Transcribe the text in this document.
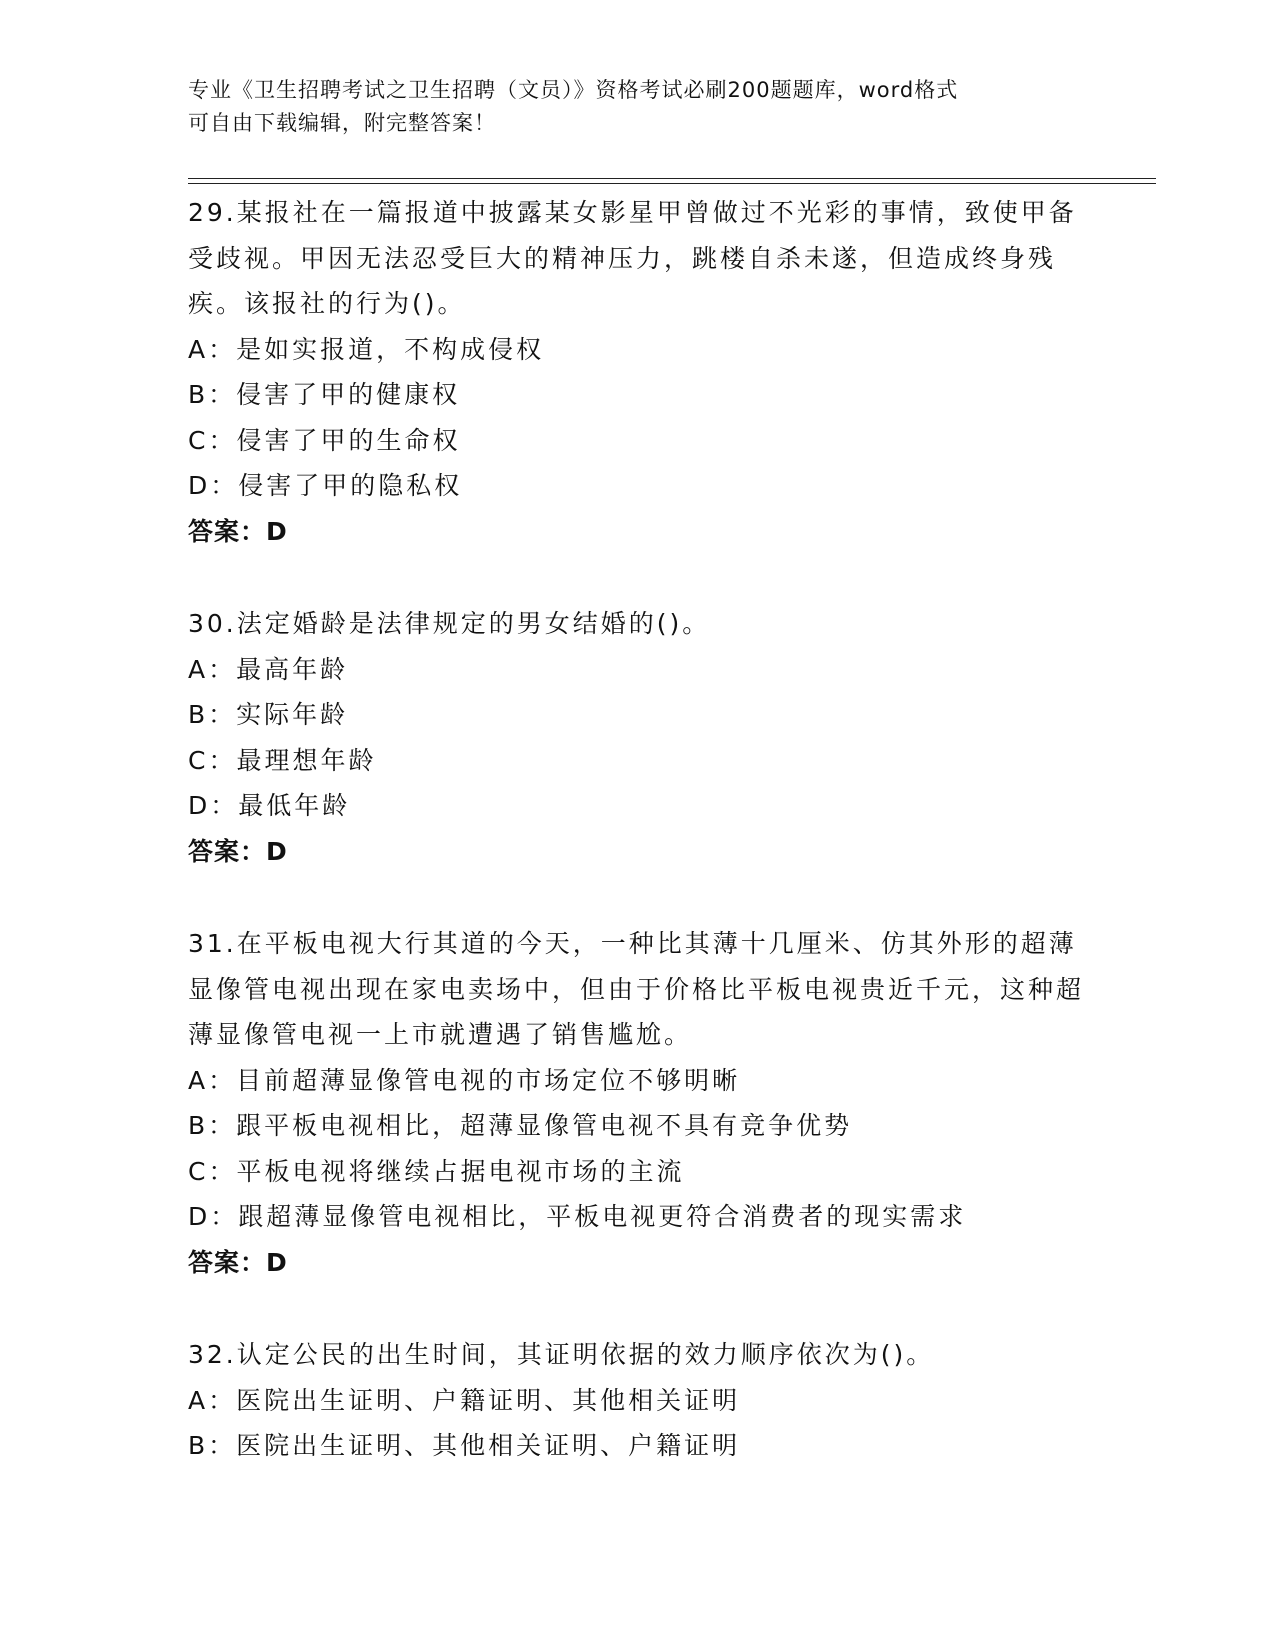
专业《卫生招聘考试之卫生招聘（文员）》资格考试必刷200题题库，word格式
可自由下载编辑，附完整答案！
29.某报社在一篇报道中披露某女影星甲曾做过不光彩的事情，致使甲备受歧视。甲因无法忍受巨大的精神压力，跳楼自杀未遂，但造成终身残疾。该报社的行为()。
A：是如实报道，不构成侵权
B：侵害了甲的健康权
C：侵害了甲的生命权
D：侵害了甲的隐私权
答案：D
30.法定婚龄是法律规定的男女结婚的()。
A：最高年龄
B：实际年龄
C：最理想年龄
D：最低年龄
答案：D
31.在平板电视大行其道的今天，一种比其薄十几厘米、仿其外形的超薄显像管电视出现在家电卖场中，但由于价格比平板电视贵近千元，这种超薄显像管电视一上市就遭遇了销售尴尬。
A：目前超薄显像管电视的市场定位不够明晰
B：跟平板电视相比，超薄显像管电视不具有竞争优势
C：平板电视将继续占据电视市场的主流
D：跟超薄显像管电视相比，平板电视更符合消费者的现实需求
答案：D
32.认定公民的出生时间，其证明依据的效力顺序依次为()。
A：医院出生证明、户籍证明、其他相关证明
B：医院出生证明、其他相关证明、户籍证明
